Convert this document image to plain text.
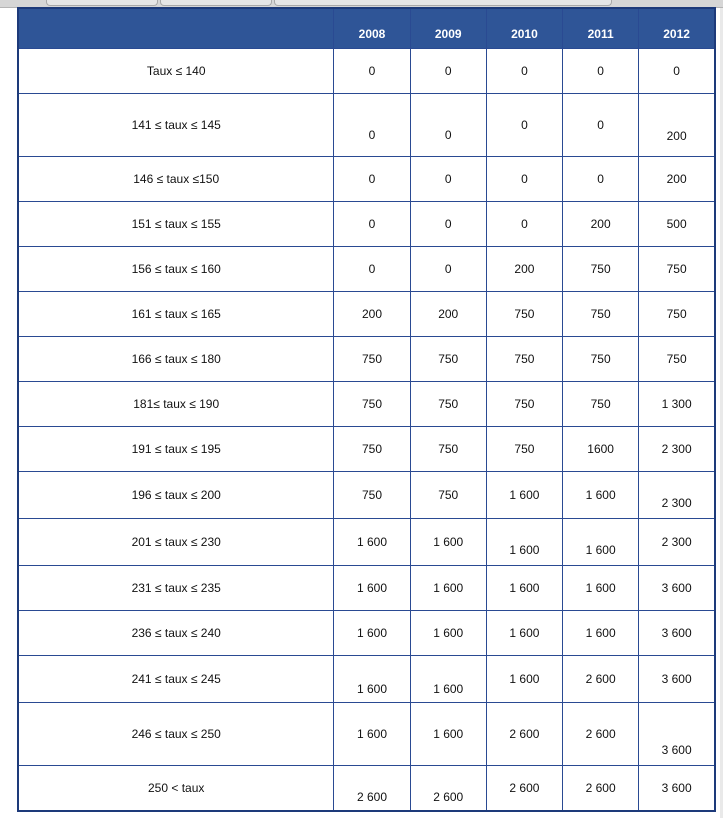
	2008	2009	2010	2011	2012
Taux ≤ 140	0	0	0	0	0
141 ≤ taux ≤ 145	0	0	0	0	200
146 ≤ taux ≤150	0	0	0	0	200
151 ≤ taux ≤ 155	0	0	0	200	500
156 ≤ taux ≤ 160	0	0	200	750	750
161 ≤ taux ≤ 165	200	200	750	750	750
166 ≤ taux ≤ 180	750	750	750	750	750
181≤ taux ≤ 190	750	750	750	750	1 300
191 ≤ taux ≤ 195	750	750	750	1600	2 300
196 ≤ taux ≤ 200	750	750	1 600	1 600	2 300
201 ≤ taux ≤ 230	1 600	1 600	1 600	1 600	2 300
231 ≤ taux ≤ 235	1 600	1 600	1 600	1 600	3 600
236 ≤ taux ≤ 240	1 600	1 600	1 600	1 600	3 600
241 ≤ taux ≤ 245	1 600	1 600	1 600	2 600	3 600
246 ≤ taux ≤ 250	1 600	1 600	2 600	2 600	3 600
250 < taux	2 600	2 600	2 600	2 600	3 600
